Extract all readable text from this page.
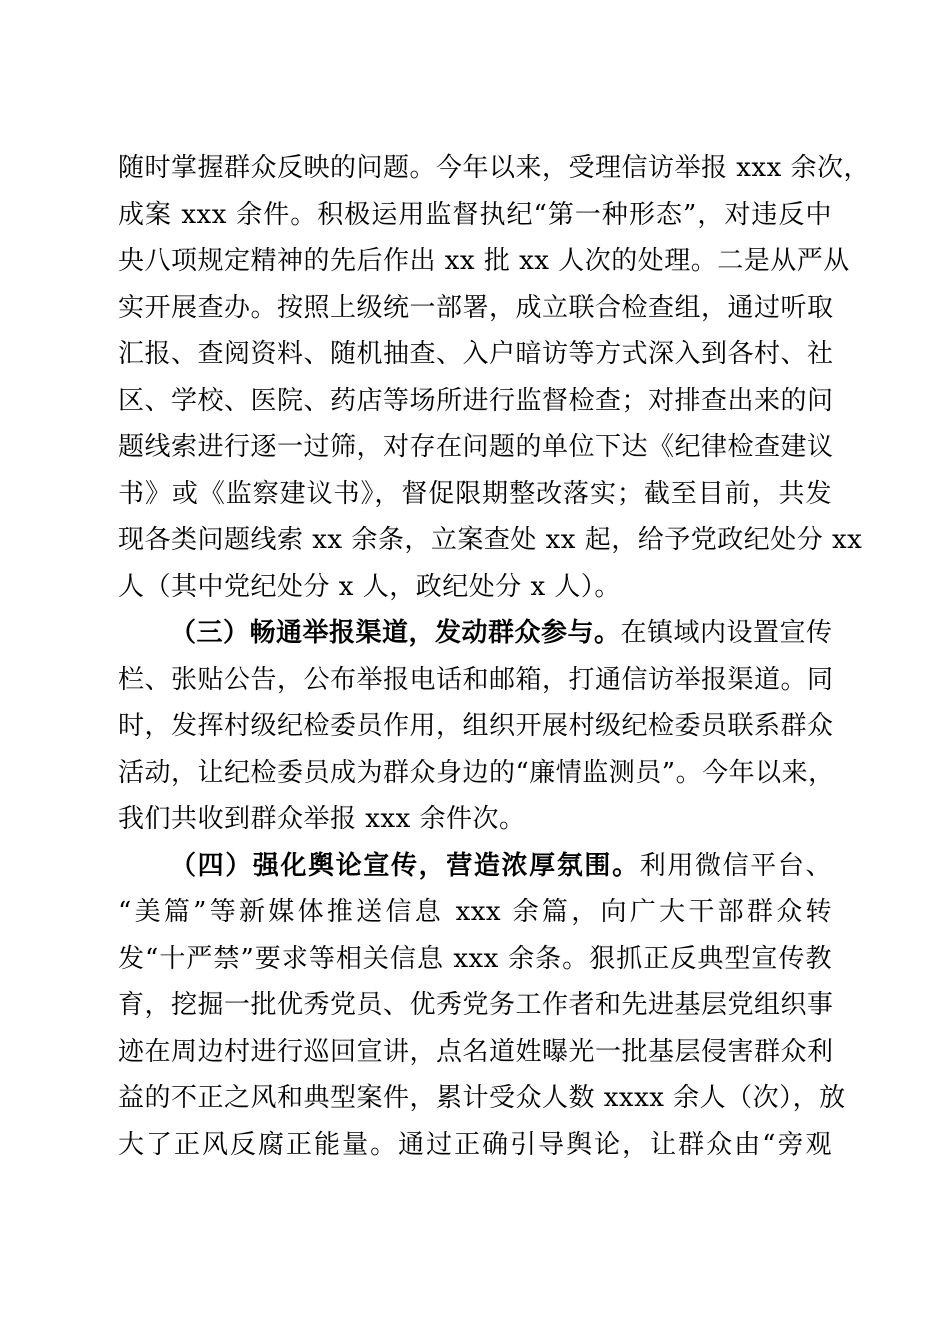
随时掌握群众反映的问题。今年以来，受理信访举报 xxx 余次，
成案 xxx 余件。积极运用监督执纪“第一种形态”，对违反中
央八项规定精神的先后作出 xx 批 xx 人次的处理。二是从严从
实开展查办。按照上级统一部署，成立联合检查组，通过听取
汇报、查阅资料、随机抽查、入户暗访等方式深入到各村、社
区、学校、医院、药店等场所进行监督检查；对排查出来的问
题线索进行逐一过筛，对存在问题的单位下达《纪律检查建议
书》或《监察建议书》，督促限期整改落实；截至目前，共发
现各类问题线索 xx 余条，立案查处 xx 起，给予党政纪处分 xx
人（其中党纪处分 x 人，政纪处分 x 人）。
（三）畅通举报渠道，发动群众参与。在镇域内设置宣传
栏、张贴公告，公布举报电话和邮箱，打通信访举报渠道。同
时，发挥村级纪检委员作用，组织开展村级纪检委员联系群众
活动，让纪检委员成为群众身边的“廉情监测员”。今年以来，
我们共收到群众举报 xxx 余件次。
（四）强化舆论宣传，营造浓厚氛围。利用微信平台、
“美篇”等新媒体推送信息 xxx 余篇，向广大干部群众转
发“十严禁”要求等相关信息 xxx 余条。狠抓正反典型宣传教
育，挖掘一批优秀党员、优秀党务工作者和先进基层党组织事
迹在周边村进行巡回宣讲，点名道姓曝光一批基层侵害群众利
益的不正之风和典型案件，累计受众人数 xxxx 余人（次），放
大了正风反腐正能量。通过正确引导舆论，让群众由“旁观
